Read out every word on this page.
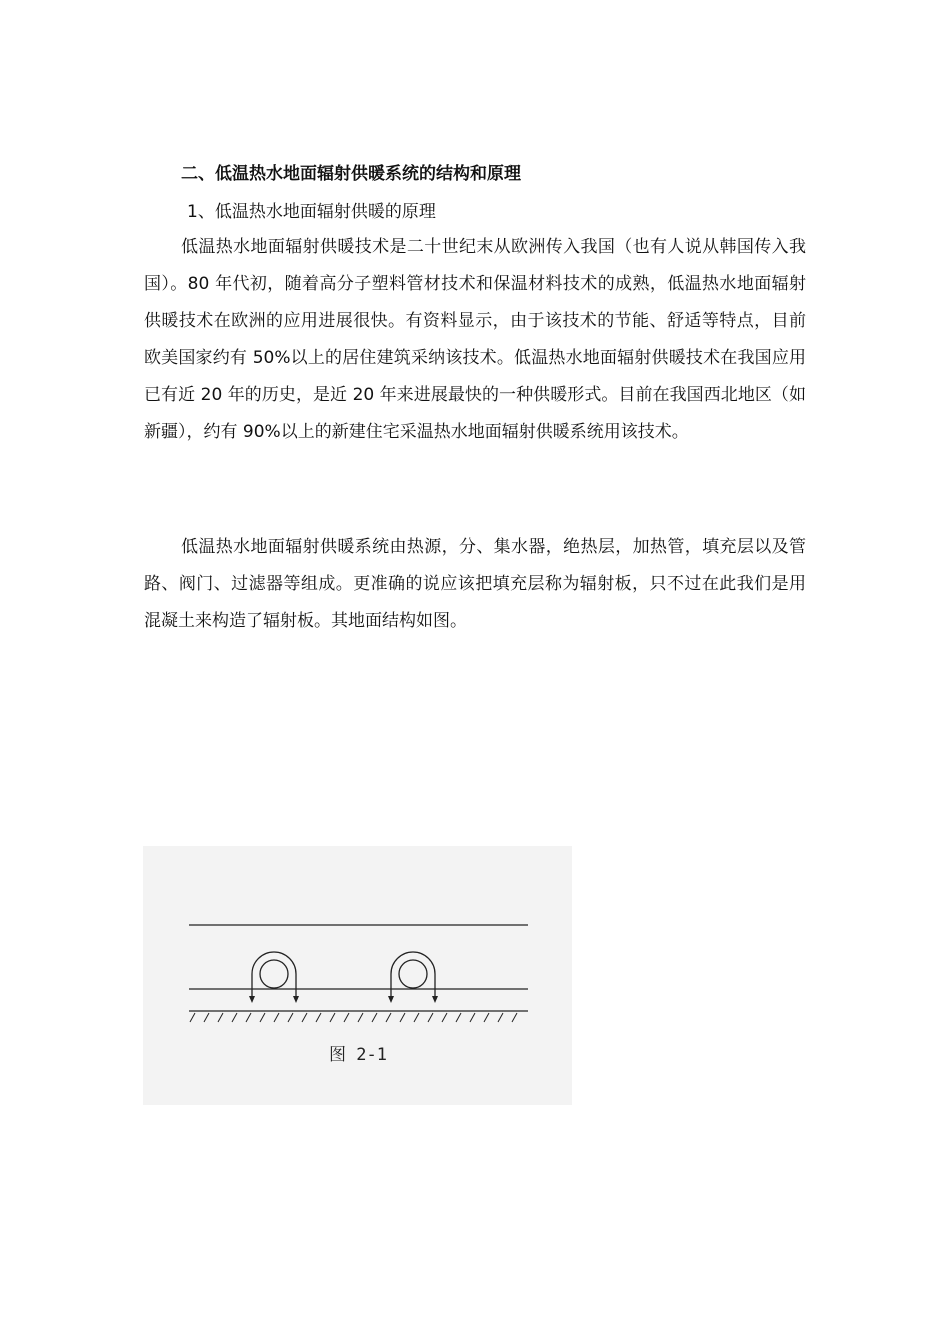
二、低温热水地面辐射供暖系统的结构和原理
1、低温热水地面辐射供暖的原理

低温热水地面辐射供暖技术是二十世纪末从欧洲传入我国（也有人说从韩国传入我国）。80 年代初，随着高分子塑料管材技术和保温材料技术的成熟，低温热水地面辐射供暖技术在欧洲的应用进展很快。有资料显示，由于该技术的节能、舒适等特点，目前欧美国家约有 50%以上的居住建筑采纳该技术。低温热水地面辐射供暖技术在我国应用已有近 20 年的历史，是近 20 年来进展最快的一种供暖形式。目前在我国西北地区（如新疆），约有 90%以上的新建住宅采温热水地面辐射供暖系统用该技术。

低温热水地面辐射供暖系统由热源，分、集水器，绝热层，加热管，填充层以及管路、阀门、过滤器等组成。更准确的说应该把填充层称为辐射板，只不过在此我们是用混凝土来构造了辐射板。其地面结构如图。

图 2-1
